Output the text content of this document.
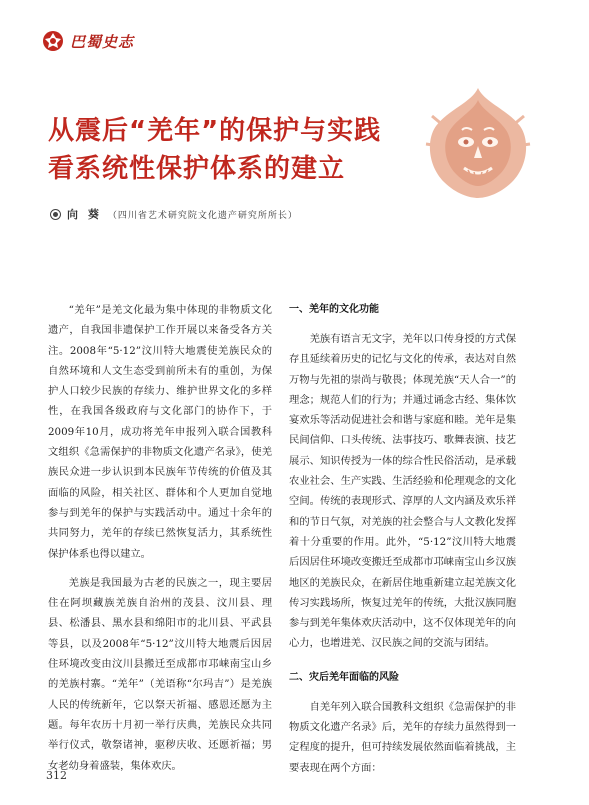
巴蜀史志
从震后“羌年”的保护与实践
看系统性保护体系的建立
向 葵 （四川省艺术研究院文化遗产研究所所长）

“羌年”是羌文化最为集中体现的非物质文化遗产，自我国非遗保护工作开展以来备受各方关注。2008年“5·12”汶川特大地震使羌族民众的自然环境和人文生态受到前所未有的重创，为保护人口较少民族的存续力、维护世界文化的多样性，在我国各级政府与文化部门的协作下，于2009年10月，成功将羌年申报列入联合国教科文组织《急需保护的非物质文化遗产名录》，使羌族民众进一步认识到本民族年节传统的价值及其面临的风险，相关社区、群体和个人更加自觉地参与到羌年的保护与实践活动中。通过十余年的共同努力，羌年的存续已然恢复活力，其系统性保护体系也得以建立。

羌族是我国最为古老的民族之一，现主要居住在阿坝藏族羌族自治州的茂县、汶川县、理县、松潘县、黑水县和绵阳市的北川县、平武县等县，以及2008年“5·12”汶川特大地震后因居住环境改变由汶川县搬迁至成都市邛崃南宝山乡的羌族村寨。“羌年”（羌语称“尔玛吉”）是羌族人民的传统新年，它以祭天祈福、感恩还愿为主题。每年农历十月初一举行庆典，羌族民众共同举行仪式，敬祭诸神，驱秽庆收、还愿祈福；男女老幼身着盛装，集体欢庆。

一、羌年的文化功能

羌族有语言无文字，羌年以口传身授的方式保存且延续着历史的记忆与文化的传承，表达对自然万物与先祖的崇尚与敬畏；体现羌族“天人合一”的理念；规范人们的行为；并通过诵念古经、集体饮宴欢乐等活动促进社会和谐与家庭和睦。羌年是集民间信仰、口头传统、法事技巧、歌舞表演、技艺展示、知识传授为一体的综合性民俗活动，是承载农业社会、生产实践、生活经验和伦理观念的文化空间。传统的表现形式、淳厚的人文内涵及欢乐祥和的节日气氛，对羌族的社会整合与人文教化发挥着十分重要的作用。此外，“5·12”汶川特大地震后因居住环境改变搬迁至成都市邛崃南宝山乡汉族地区的羌族民众，在新居住地重新建立起羌族文化传习实践场所，恢复过羌年的传统，大批汉族同胞参与到羌年集体欢庆活动中，这不仅体现羌年的向心力，也增进羌、汉民族之间的交流与团结。

二、灾后羌年面临的风险

自羌年列入联合国教科文组织《急需保护的非物质文化遗产名录》后，羌年的存续力虽然得到一定程度的提升，但可持续发展依然面临着挑战，主要表现在两个方面：

312
